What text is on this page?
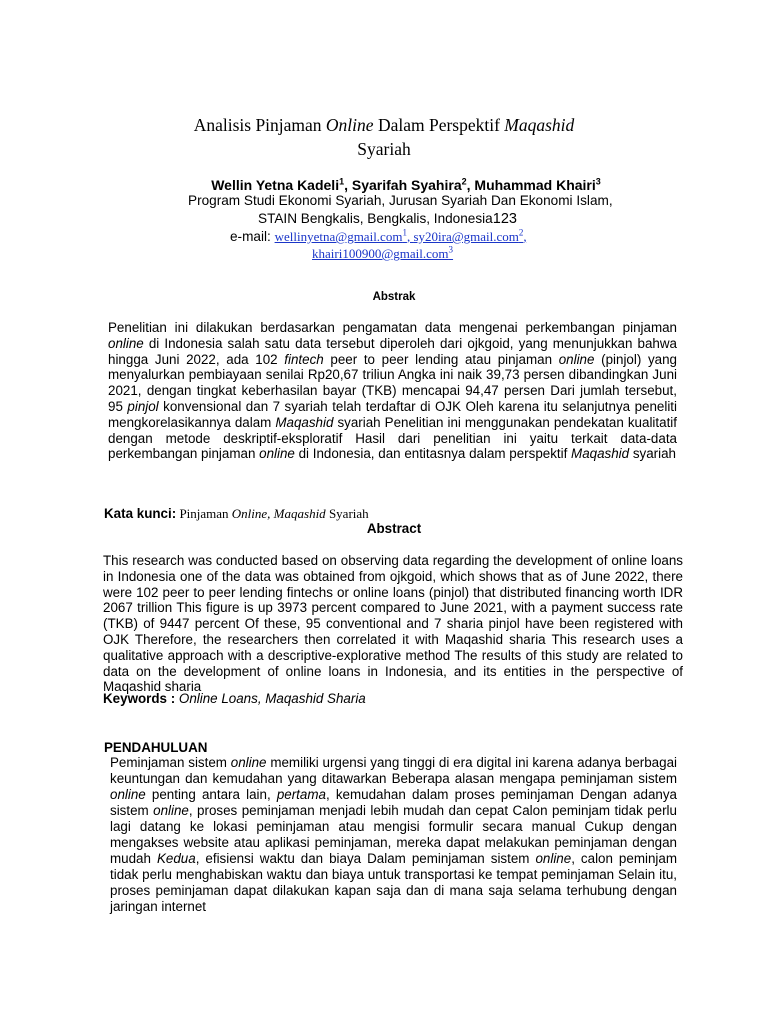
Analisis Pinjaman Online Dalam Perspektif Maqashid
Syariah
Wellin Yetna Kadeli$^1$, Syarifah Syahira$^2$, Muhammad Khairi$^3$
Program Studi Ekonomi Syariah, Jurusan Syariah Dan Ekonomi Islam,
STAIN Bengkalis, Bengkalis, Indonesia123
e-mail: wellinyetna@gmail.com$^1$, sy20ira@gmail.com$^2$,
khairi100900@gmail.com$^3$
Abstrak
Penelitian ini dilakukan berdasarkan pengamatan data mengenai perkembangan pinjaman online di Indonesia salah satu data tersebut diperoleh dari ojkgoid, yang menunjukkan bahwa hingga Juni 2022, ada 102 fintech peer to peer lending atau pinjaman online (pinjol) yang menyalurkan pembiayaan senilai Rp20,67 triliun Angka ini naik 39,73 persen dibandingkan Juni 2021, dengan tingkat keberhasilan bayar (TKB) mencapai 94,47 persen Dari jumlah tersebut, 95 pinjol konvensional dan 7 syariah telah terdaftar di OJK Oleh karena itu selanjutnya peneliti mengkorelasikannya dalam Maqashid syariah Penelitian ini menggunakan pendekatan kualitatif dengan metode deskriptif-eksploratif Hasil dari penelitian ini yaitu terkait data-data perkembangan pinjaman online di Indonesia, dan entitasnya dalam perspektif Maqashid syariah
Kata kunci: Pinjaman Online, Maqashid Syariah
Abstract
This research was conducted based on observing data regarding the development of online loans in Indonesia one of the data was obtained from ojkgoid, which shows that as of June 2022, there were 102 peer to peer lending fintechs or online loans (pinjol) that distributed financing worth IDR 2067 trillion This figure is up 3973 percent compared to June 2021, with a payment success rate (TKB) of 9447 percent Of these, 95 conventional and 7 sharia pinjol have been registered with OJK Therefore, the researchers then correlated it with Maqashid sharia This research uses a qualitative approach with a descriptive-explorative method The results of this study are related to data on the development of online loans in Indonesia, and its entities in the perspective of Maqashid sharia
Keywords : Online Loans, Maqashid Sharia
PENDAHULUAN
Peminjaman sistem online memiliki urgensi yang tinggi di era digital ini karena adanya berbagai keuntungan dan kemudahan yang ditawarkan Beberapa alasan mengapa peminjaman sistem online penting antara lain, pertama, kemudahan dalam proses peminjaman Dengan adanya sistem online, proses peminjaman menjadi lebih mudah dan cepat Calon peminjam tidak perlu lagi datang ke lokasi peminjaman atau mengisi formulir secara manual Cukup dengan mengakses website atau aplikasi peminjaman, mereka dapat melakukan peminjaman dengan mudah Kedua, efisiensi waktu dan biaya Dalam peminjaman sistem online, calon peminjam tidak perlu menghabiskan waktu dan biaya untuk transportasi ke tempat peminjaman Selain itu, proses peminjaman dapat dilakukan kapan saja dan di mana saja selama terhubung dengan jaringan internet
